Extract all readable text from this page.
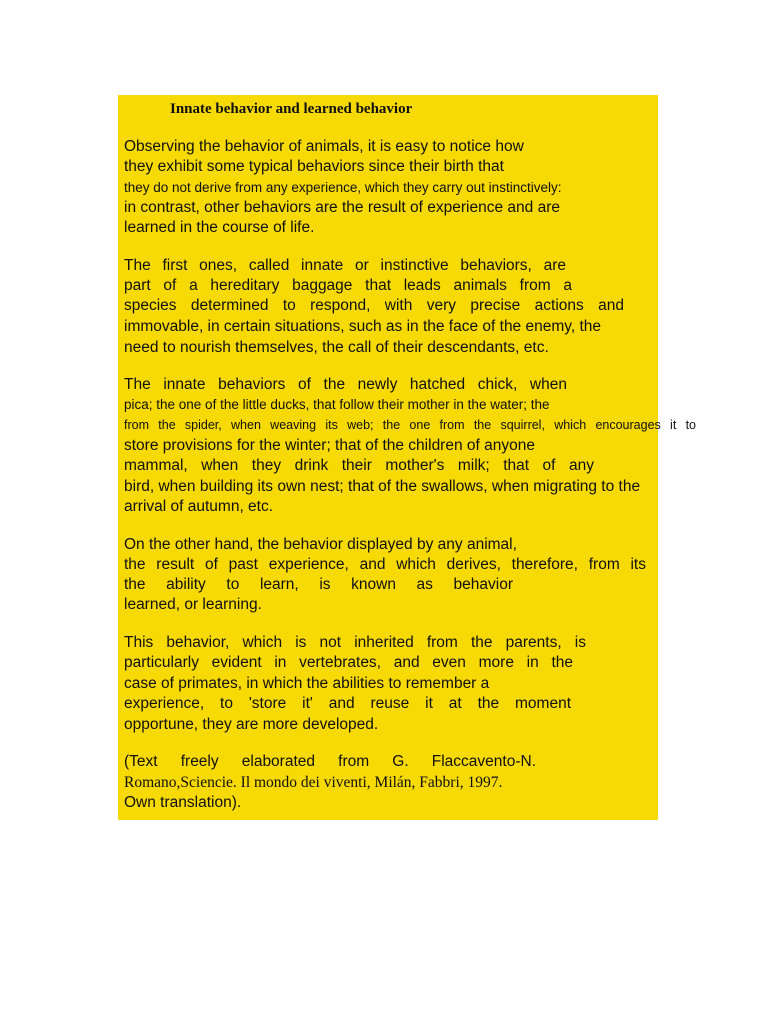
Innate behavior and learned behavior

Observing the behavior of animals, it is easy to notice how

they exhibit some typical behaviors since their birth that

they do not derive from any experience, which they carry out instinctively:

in contrast, other behaviors are the result of experience and are

learned in the course of life.

The first ones, called innate or instinctive behaviors, are

part of a hereditary baggage that leads animals from a

species determined to respond, with very precise actions and

immovable, in certain situations, such as in the face of the enemy, the

need to nourish themselves, the call of their descendants, etc.

The innate behaviors of the newly hatched chick, when

pica; the one of the little ducks, that follow their mother in the water; the

from the spider, when weaving its web; the one from the squirrel, which encourages it to

store provisions for the winter; that of the children of anyone

mammal, when they drink their mother's milk; that of any

bird, when building its own nest; that of the swallows, when migrating to the

arrival of autumn, etc.

On the other hand, the behavior displayed by any animal,

the result of past experience, and which derives, therefore, from its

the ability to learn, is known as behavior

learned, or learning.

This behavior, which is not inherited from the parents, is

particularly evident in vertebrates, and even more in the

case of primates, in which the abilities to remember a

experience, to 'store it' and reuse it at the moment

opportune, they are more developed.

(Text freely elaborated from G. Flaccavento-N.

Romano,Sciencie. Il mondo dei viventi, Milán, Fabbri, 1997.

Own translation).
